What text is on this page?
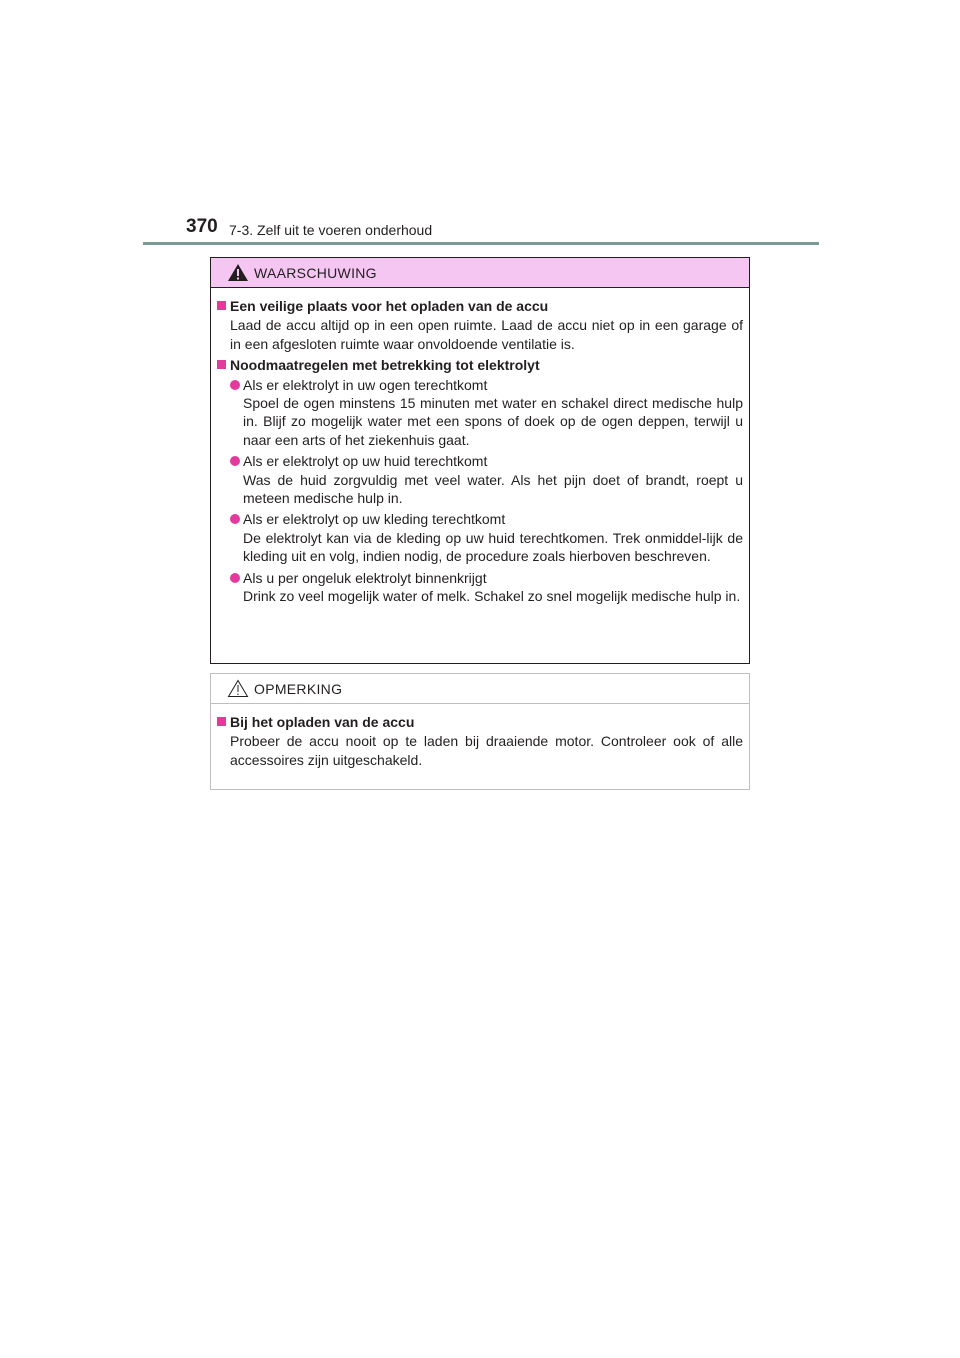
370 7-3. Zelf uit te voeren onderhoud
WAARSCHUWING
Een veilige plaats voor het opladen van de accu
Laad de accu altijd op in een open ruimte. Laad de accu niet op in een garage of in een afgesloten ruimte waar onvoldoende ventilatie is.
Noodmaatregelen met betrekking tot elektrolyt
Als er elektrolyt in uw ogen terechtkomt
Spoel de ogen minstens 15 minuten met water en schakel direct medische hulp in. Blijf zo mogelijk water met een spons of doek op de ogen deppen, terwijl u naar een arts of het ziekenhuis gaat.
Als er elektrolyt op uw huid terechtkomt
Was de huid zorgvuldig met veel water. Als het pijn doet of brandt, roept u meteen medische hulp in.
Als er elektrolyt op uw kleding terechtkomt
De elektrolyt kan via de kleding op uw huid terechtkomen. Trek onmiddel-lijk de kleding uit en volg, indien nodig, de procedure zoals hierboven beschreven.
Als u per ongeluk elektrolyt binnenkrijgt
Drink zo veel mogelijk water of melk. Schakel zo snel mogelijk medische hulp in.
OPMERKING
Bij het opladen van de accu
Probeer de accu nooit op te laden bij draaiende motor. Controleer ook of alle accessoires zijn uitgeschakeld.
